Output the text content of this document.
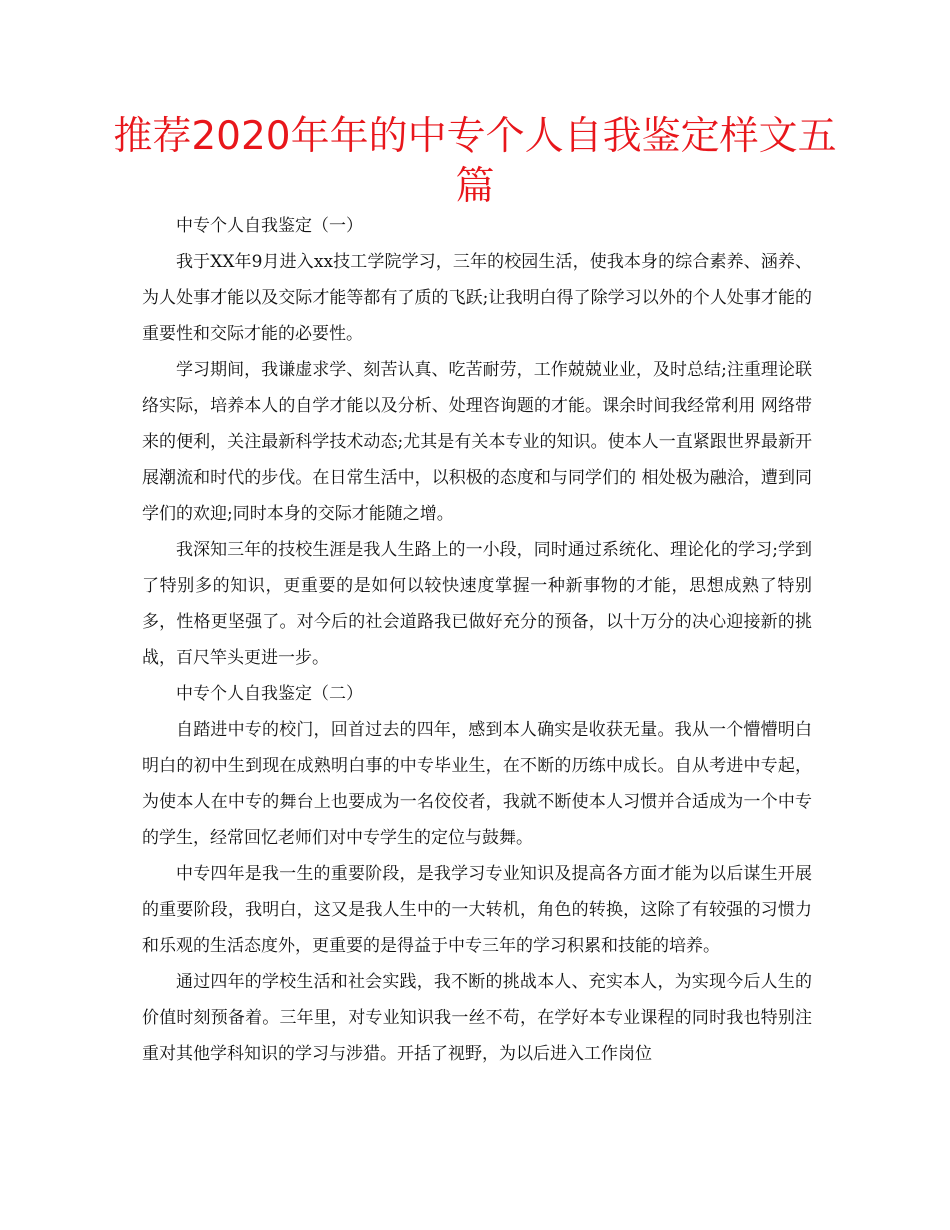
推荐2020年年的中专个人自我鉴定样文五篇

中专个人自我鉴定（一）

我于XX年9月进入xx技工学院学习，三年的校园生活，使我本身的综合素养、涵养、为人处事才能以及交际才能等都有了质的飞跃;让我明白得了除学习以外的个人处事才能的重要性和交际才能的必要性。

学习期间，我谦虚求学、刻苦认真、吃苦耐劳，工作兢兢业业，及时总结;注重理论联络实际，培养本人的自学才能以及分析、处理咨询题的才能。课余时间我经常利用 网络带来的便利，关注最新科学技术动态;尤其是有关本专业的知识。使本人一直紧跟世界最新开展潮流和时代的步伐。在日常生活中，以积极的态度和与同学们的 相处极为融洽，遭到同学们的欢迎;同时本身的交际才能随之增。

我深知三年的技校生涯是我人生路上的一小段，同时通过系统化、理论化的学习;学到了特别多的知识，更重要的是如何以较快速度掌握一种新事物的才能，思想成熟了特别多，性格更坚强了。对今后的社会道路我已做好充分的预备，以十万分的决心迎接新的挑战，百尺竿头更进一步。

中专个人自我鉴定（二）

自踏进中专的校门，回首过去的四年，感到本人确实是收获无量。我从一个懵懵明白明白的初中生到现在成熟明白事的中专毕业生，在不断的历练中成长。自从考进中专起，为使本人在中专的舞台上也要成为一名佼佼者，我就不断使本人习惯并合适成为一个中专的学生，经常回忆老师们对中专学生的定位与鼓舞。

中专四年是我一生的重要阶段，是我学习专业知识及提高各方面才能为以后谋生开展的重要阶段，我明白，这又是我人生中的一大转机，角色的转换，这除了有较强的习惯力和乐观的生活态度外，更重要的是得益于中专三年的学习积累和技能的培养。

通过四年的学校生活和社会实践，我不断的挑战本人、充实本人，为实现今后人生的价值时刻预备着。三年里，对专业知识我一丝不苟，在学好本专业课程的同时我也特别注重对其他学科知识的学习与涉猎。开括了视野，为以后进入工作岗位
